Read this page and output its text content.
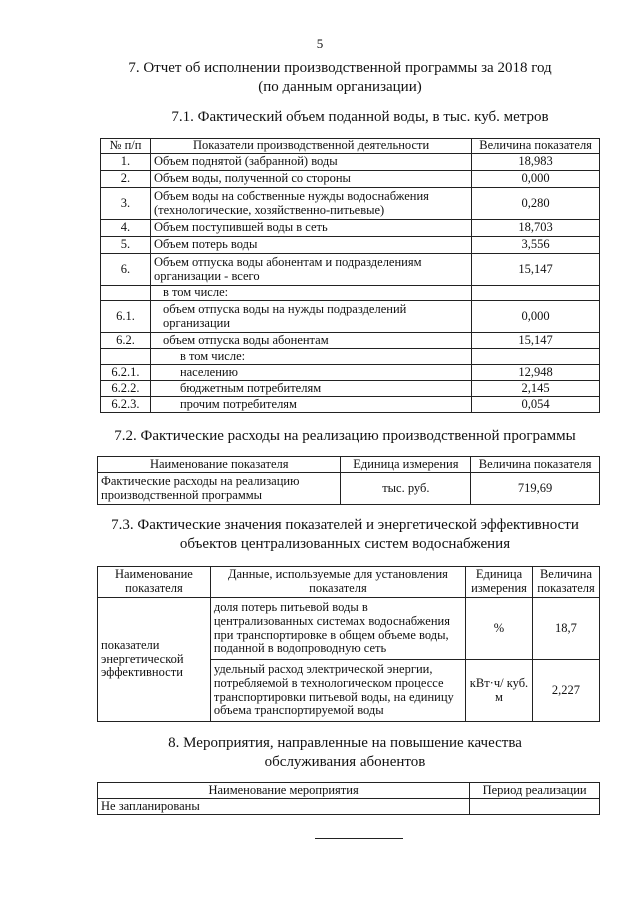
5
7. Отчет об исполнении производственной программы за 2018 год
(по данным организации)
7.1. Фактический объем поданной воды, в тыс. куб. метров
№ п/п	Показатели производственной деятельности	Величина показателя
1.	Объем поднятой (забранной) воды	18,983
2.	Объем воды, полученной со стороны	0,000
3.	Объем воды на собственные нужды водоснабжения (технологические, хозяйственно-питьевые)	0,280
4.	Объем поступившей воды в сеть	18,703
5.	Объем потерь воды	3,556
6.	Объем отпуска воды абонентам и подразделениям организации - всего	15,147
	в том числе:	
6.1.	объем отпуска воды на нужды подразделений организации	0,000
6.2.	объем отпуска воды абонентам	15,147
	в том числе:	
6.2.1.	населению	12,948
6.2.2.	бюджетным потребителям	2,145
6.2.3.	прочим потребителям	0,054
7.2. Фактические расходы на реализацию производственной программы
Наименование показателя	Единица измерения	Величина показателя
Фактические расходы на реализацию производственной программы	тыс. руб.	719,69
7.3. Фактические значения показателей и энергетической эффективности
объектов централизованных систем водоснабжения
Наименование показателя	Данные, используемые для установления показателя	Единица измерения	Величина показателя
показатели энергетической эффективности	доля потерь питьевой воды в централизованных системах водоснабжения при транспортировке в общем объеме воды, поданной в водопроводную сеть	%	18,7
	удельный расход электрической энергии, потребляемой в технологическом процессе транспортировки питьевой воды, на единицу объема транспортируемой воды	кВт·ч/ куб. м	2,227
8. Мероприятия, направленные на повышение качества
обслуживания абонентов
Наименование мероприятия	Период реализации
Не запланированы	
